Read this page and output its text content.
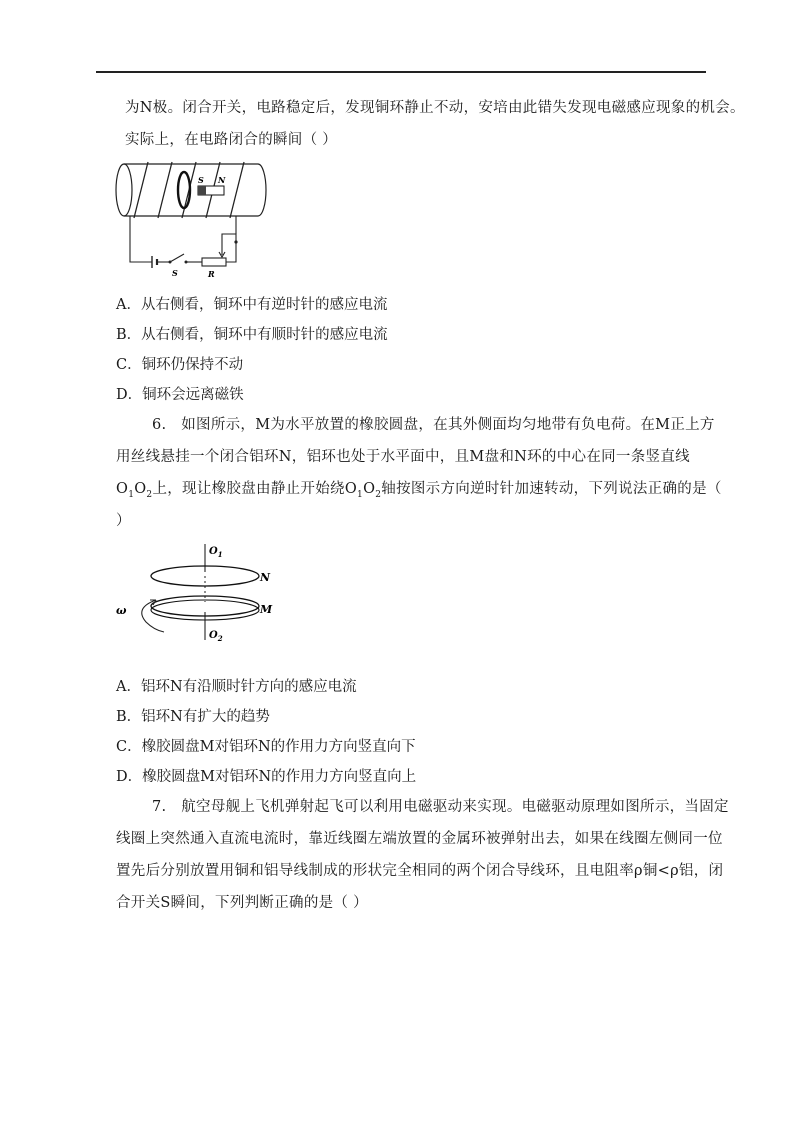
为N极。闭合开关，电路稳定后，发现铜环静止不动，安培由此错失发现电磁感应现象的机会。
实际上，在电路闭合的瞬间（ ）
S N
S	R
A．从右侧看，铜环中有逆时针的感应电流
B．从右侧看，铜环中有顺时针的感应电流
C．铜环仍保持不动
D．铜环会远离磁铁
6.　如图所示，M为水平放置的橡胶圆盘，在其外侧面均匀地带有负电荷。在M正上方
用丝线悬挂一个闭合铝环N，铝环也处于水平面中，且M盘和N环的中心在同一条竖直线
$O_1O_2$上，现让橡胶盘由静止开始绕$O_1O_2$轴按图示方向逆时针加速转动，下列说法正确的是（
）
$O_1$
$O_2$
N
M
ω
A．铝环N有沿顺时针方向的感应电流
B．铝环N有扩大的趋势
C．橡胶圆盘M对铝环N的作用力方向竖直向下
D．橡胶圆盘M对铝环N的作用力方向竖直向上
7.　航空母舰上飞机弹射起飞可以利用电磁驱动来实现。电磁驱动原理如图所示，当固定
线圈上突然通入直流电流时，靠近线圈左端放置的金属环被弹射出去，如果在线圈左侧同一位
置先后分别放置用铜和铝导线制成的形状完全相同的两个闭合导线环，且电阻率ρ铜<ρ铝，闭
合开关S瞬间，下列判断正确的是（ ）
